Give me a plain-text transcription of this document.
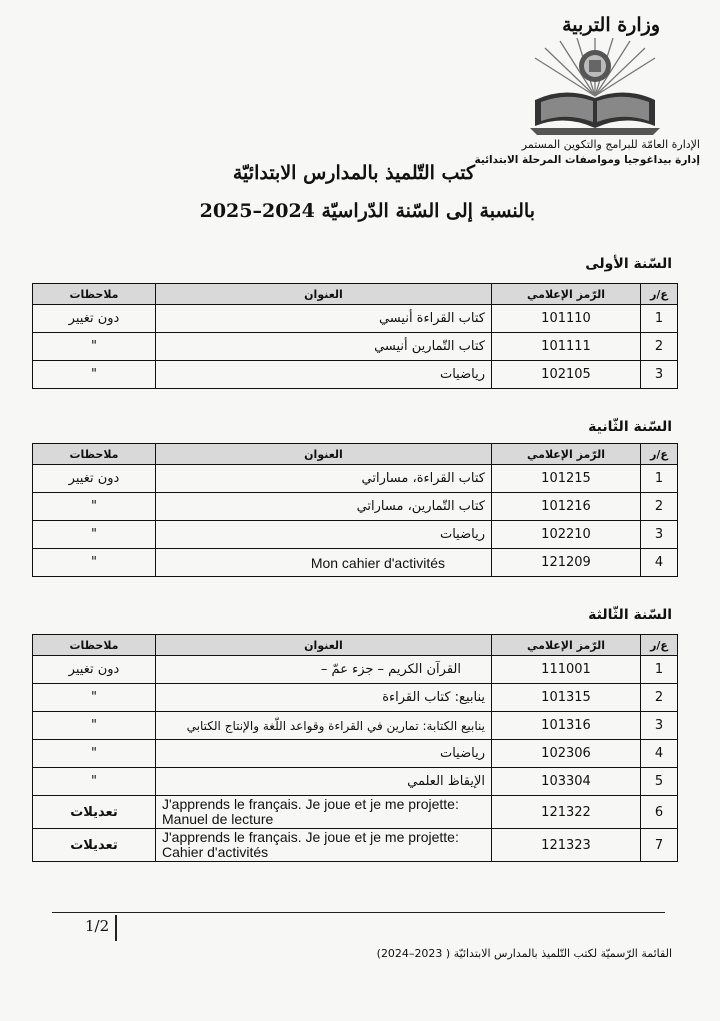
وزارة التربية
الإدارة العامّة للبرامج والتكوين المستمر
إدارة بيداغوجيا ومواصفات المرحلة الابتدائية
كتب التّلميذ بالمدارس الابتدائيّة
بالنسبة إلى السّنة الدّراسيّة 2024–2025
السّنة الأولى
ع/ر	الرّمز الإعلامي	العنوان	ملاحظات
1	101110	كتاب القراءة أنيسي	دون تغيير
2	101111	كتاب التّمارين أنيسي	"
3	102105	رياضيات	"
السّنة الثّانية
ع/ر	الرّمز الإعلامي	العنوان	ملاحظات
1	101215	كتاب القراءة، مساراتي	دون تغيير
2	101216	كتاب التّمارين، مساراتي	"
3	102210	رياضيات	"
4	121209	Mon cahier d'activités	"
السّنة الثّالثة
ع/ر	الرّمز الإعلامي	العنوان	ملاحظات
1	111001	القرآن الكريم – جزء عمّ –	دون تغيير
2	101315	ينابيع: كتاب القراءة	"
3	101316	ينابيع الكتابة: تمارين في القراءة وقواعد اللّغة والإنتاج الكتابي	"
4	102306	رياضيات	"
5	103304	الإيقاظ العلمي	"
6	121322	J'apprends le français. Je joue et je me projette: Manuel de lecture	تعديلات
7	121323	J'apprends le français. Je joue et je me projette: Cahier d'activités	تعديلات
1/2
القائمة الرّسميّة لكتب التّلميذ بالمدارس الابتدائيّة ( 2023–2024)
